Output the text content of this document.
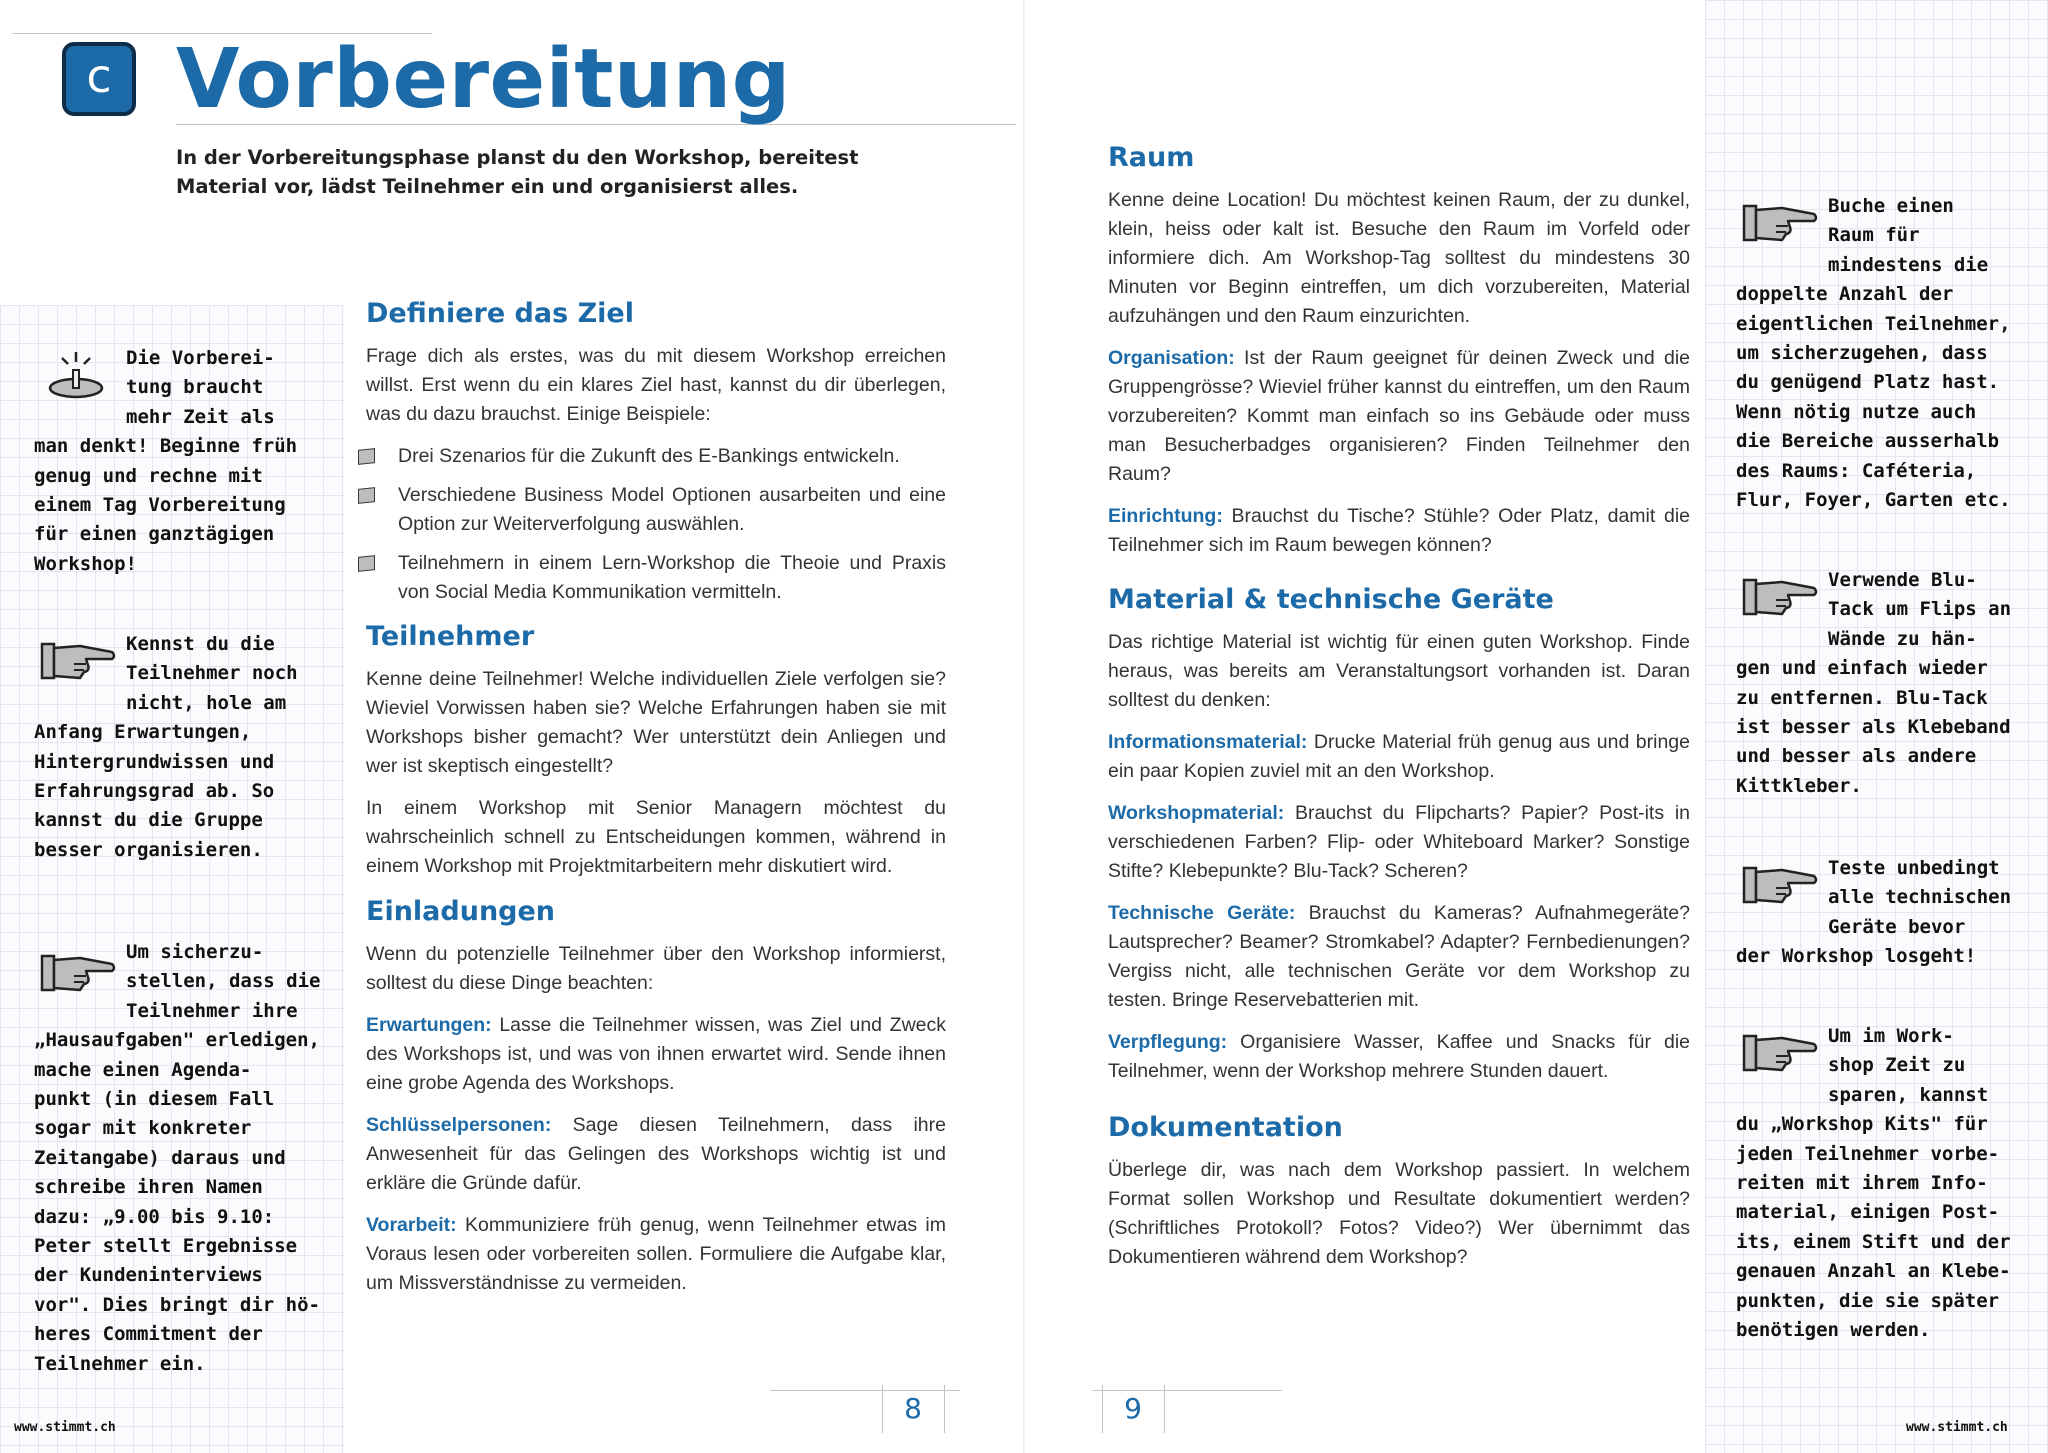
c Vorbereitung
In der Vorbereitungsphase planst du den Workshop, bereitest Material vor, lädst Teilnehmer ein und organisierst alles.
Definiere das Ziel

Frage dich als erstes, was du mit diesem Workshop erreichen willst. Erst wenn du ein klares Ziel hast, kannst du dir überlegen, was du dazu brauchst. Einige Beispiele:

Drei Szenarios für die Zukunft des E-Bankings entwickeln.
Verschiedene Business Model Optionen ausarbeiten und eine Option zur Weiterverfolgung auswählen.
Teilnehmern in einem Lern-Workshop die Theoie und Praxis von Social Media Kommunikation vermitteln.
Teilnehmer

Kenne deine Teilnehmer! Welche individuellen Ziele verfolgen sie? Wieviel Vorwissen haben sie? Welche Erfahrungen haben sie mit Workshops bisher gemacht? Wer unterstützt dein Anliegen und wer ist skeptisch eingestellt?

In einem Workshop mit Senior Managern möchtest du wahrscheinlich schnell zu Entscheidungen kommen, während in einem Workshop mit Projektmitarbeitern mehr diskutiert wird.

Einladungen

Wenn du potenzielle Teilnehmer über den Workshop informierst, solltest du diese Dinge beachten:

Erwartungen: Lasse die Teilnehmer wissen, was Ziel und Zweck des Workshops ist, und was von ihnen erwartet wird. Sende ihnen eine grobe Agenda des Workshops.

Schlüsselpersonen: Sage diesen Teilnehmern, dass ihre Anwesenheit für das Gelingen des Workshops wichtig ist und erkläre die Gründe dafür.

Vorarbeit: Kommuniziere früh genug, wenn Teilnehmer etwas im Voraus lesen oder vorbereiten sollen. Formuliere die Aufgabe klar, um Missverständnisse zu vermeiden.

Raum

Kenne deine Location! Du möchtest keinen Raum, der zu dunkel, klein, heiss oder kalt ist. Besuche den Raum im Vorfeld oder informiere dich. Am Workshop-Tag solltest du mindestens 30 Minuten vor Beginn eintreffen, um dich vorzubereiten, Material aufzuhängen und den Raum einzurichten.

Organisation: Ist der Raum geeignet für deinen Zweck und die Gruppengrösse? Wieviel früher kannst du eintreffen, um den Raum vorzubereiten? Kommt man einfach so ins Gebäude oder muss man Besucherbadges organisieren? Finden Teilnehmer den Raum?

Einrichtung: Brauchst du Tische? Stühle? Oder Platz, damit die Teilnehmer sich im Raum bewegen können?

Material & technische Geräte

Das richtige Material ist wichtig für einen guten Workshop. Finde heraus, was bereits am Veranstaltungsort vorhanden ist. Daran solltest du denken:

Informationsmaterial: Drucke Material früh genug aus und bringe ein paar Kopien zuviel mit an den Workshop.

Workshopmaterial: Brauchst du Flipcharts? Papier? Post-its in verschiedenen Farben? Flip- oder Whiteboard Marker? Sonstige Stifte? Klebepunkte? Blu-Tack? Scheren?

Technische Geräte: Brauchst du Kameras? Aufnahmegeräte? Lautsprecher? Beamer? Stromkabel? Adapter? Fernbedienungen? Vergiss nicht, alle technischen Geräte vor dem Workshop zu testen. Bringe Reservebatterien mit.

Verpflegung: Organisiere Wasser, Kaffee und Snacks für die Teilnehmer, wenn der Workshop mehrere Stunden dauert.

Dokumentation

Überlege dir, was nach dem Workshop passiert. In welchem Format sollen Workshop und Resultate dokumentiert werden? (Schriftliches Protokoll? Fotos? Video?) Wer übernimmt das Dokumentieren während dem Workshop?

Die Vorberei-
tung braucht
mehr Zeit als
man denkt! Beginne früh
genug und rechne mit
einem Tag Vorbereitung
für einen ganztägigen
Workshop!
Kennst du die
Teilnehmer noch
nicht, hole am
Anfang Erwartungen,
Hintergrundwissen und
Erfahrungsgrad ab. So
kannst du die Gruppe
besser organisieren.
Um sicherzu-
stellen, dass die
Teilnehmer ihre
„Hausaufgaben" erledigen,
mache einen Agenda-
punkt (in diesem Fall
sogar mit konkreter
Zeitangabe) daraus und
schreibe ihren Namen
dazu: „9.00 bis 9.10:
Peter stellt Ergebnisse
der Kundeninterviews
vor". Dies bringt dir hö-
heres Commitment der
Teilnehmer ein.
Buche einen
Raum für
mindestens die
doppelte Anzahl der
eigentlichen Teilnehmer,
um sicherzugehen, dass
du genügend Platz hast.
Wenn nötig nutze auch
die Bereiche ausserhalb
des Raums: Caféteria,
Flur, Foyer, Garten etc.
Verwende Blu-
Tack um Flips an
Wände zu hän-
gen und einfach wieder
zu entfernen. Blu-Tack
ist besser als Klebeband
und besser als andere
Kittkleber.
Teste unbedingt
alle technischen
Geräte bevor
der Workshop losgeht!
Um im Work-
shop Zeit zu
sparen, kannst
du „Workshop Kits" für
jeden Teilnehmer vorbe-
reiten mit ihrem Info-
material, einigen Post-
its, einem Stift und der
genauen Anzahl an Klebe-
punkten, die sie später
benötigen werden.
8	9
www.stimmt.ch	www.stimmt.ch
